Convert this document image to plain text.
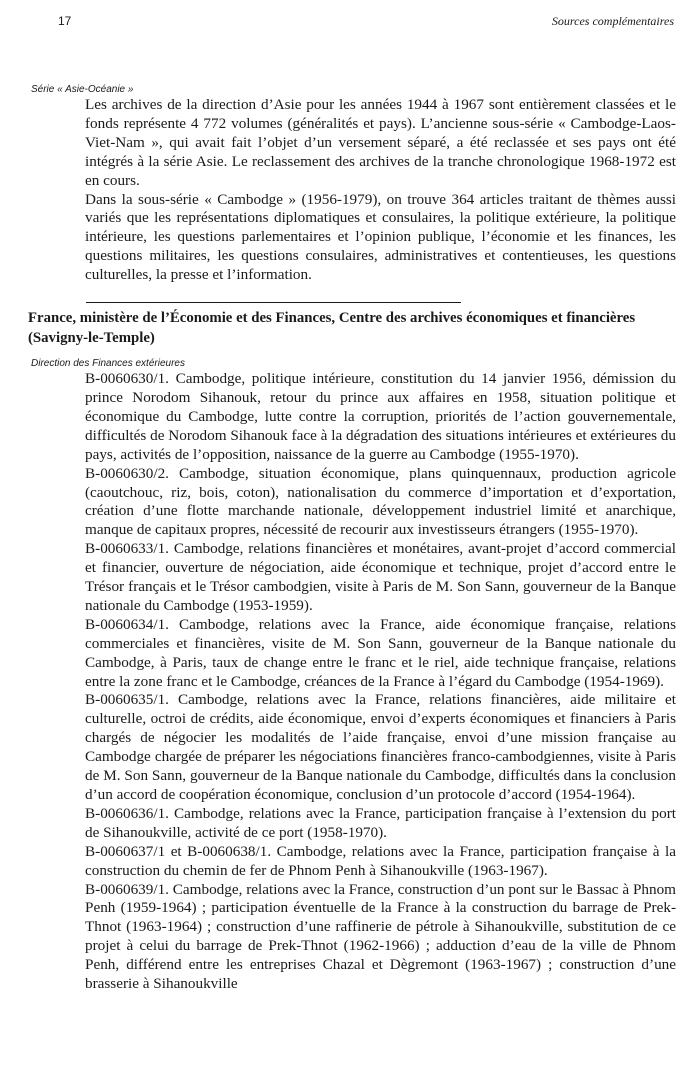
17	Sources complémentaires
Série « Asie-Océanie »

Les archives de la direction d’Asie pour les années 1944 à 1967 sont entièrement classées et le fonds représente 4 772 volumes (généralités et pays). L’ancienne sous-série « Cambodge-Laos-Viet-Nam », qui avait fait l’objet d’un versement séparé, a été reclassée et ses pays ont été intégrés à la série Asie. Le reclassement des archives de la tranche chronologique 1968-1972 est en cours.

Dans la sous-série « Cambodge » (1956-1979), on trouve 364 articles traitant de thèmes aussi variés que les représentations diplomatiques et consulaires, la politique extérieure, la politique intérieure, les questions parlementaires et l’opinion publique, l’économie et les finances, les questions militaires, les questions consulaires, administratives et contentieuses, les questions culturelles, la presse et l’information.

France, ministère de l’Économie et des Finances, Centre des archives économiques et financières (Savigny-le-Temple)
Direction des Finances extérieures

B-0060630/1. Cambodge, politique intérieure, constitution du 14 janvier 1956, démission du prince Norodom Sihanouk, retour du prince aux affaires en 1958, situation politique et économique du Cambodge, lutte contre la corruption, priorités de l’action gouvernementale, difficultés de Norodom Sihanouk face à la dégradation des situations intérieures et extérieures du pays, activités de l’opposition, naissance de la guerre au Cambodge (1955-1970).

B-0060630/2. Cambodge, situation économique, plans quinquennaux, production agricole (caoutchouc, riz, bois, coton), nationalisation du commerce d’importation et d’exportation, création d’une flotte marchande nationale, développement industriel limité et anarchique, manque de capitaux propres, nécessité de recourir aux investisseurs étrangers (1955-1970).

B-0060633/1. Cambodge, relations financières et monétaires, avant-projet d’accord commercial et financier, ouverture de négociation, aide économique et technique, projet d’accord entre le Trésor français et le Trésor cambodgien, visite à Paris de M. Son Sann, gouverneur de la Banque nationale du Cambodge (1953-1959).

B-0060634/1. Cambodge, relations avec la France, aide économique française, relations commerciales et financières, visite de M. Son Sann, gouverneur de la Banque nationale du Cambodge, à Paris, taux de change entre le franc et le riel, aide technique française, relations entre la zone franc et le Cambodge, créances de la France à l’égard du Cambodge (1954-1969).

B-0060635/1. Cambodge, relations avec la France, relations financières, aide militaire et culturelle, octroi de crédits, aide économique, envoi d’experts économiques et financiers à Paris chargés de négocier les modalités de l’aide française, envoi d’une mission française au Cambodge chargée de préparer les négociations financières franco-cambodgiennes, visite à Paris de M. Son Sann, gouverneur de la Banque nationale du Cambodge, difficultés dans la conclusion d’un accord de coopération économique, conclusion d’un protocole d’accord (1954-1964).

B-0060636/1. Cambodge, relations avec la France, participation française à l’extension du port de Sihanoukville, activité de ce port (1958-1970).

B-0060637/1 et B-0060638/1. Cambodge, relations avec la France, participation française à la construction du chemin de fer de Phnom Penh à Sihanoukville (1963-1967).

B-0060639/1. Cambodge, relations avec la France, construction d’un pont sur le Bassac à Phnom Penh (1959-1964) ; participation éventuelle de la France à la construction du barrage de Prek-Thnot (1963-1964) ; construction d’une raffinerie de pétrole à Sihanoukville, substitution de ce projet à celui du barrage de Prek-Thnot (1962-1966) ; adduction d’eau de la ville de Phnom Penh, différend entre les entreprises Chazal et Dègremont (1963-1967) ; construction d’une brasserie à Sihanoukville
